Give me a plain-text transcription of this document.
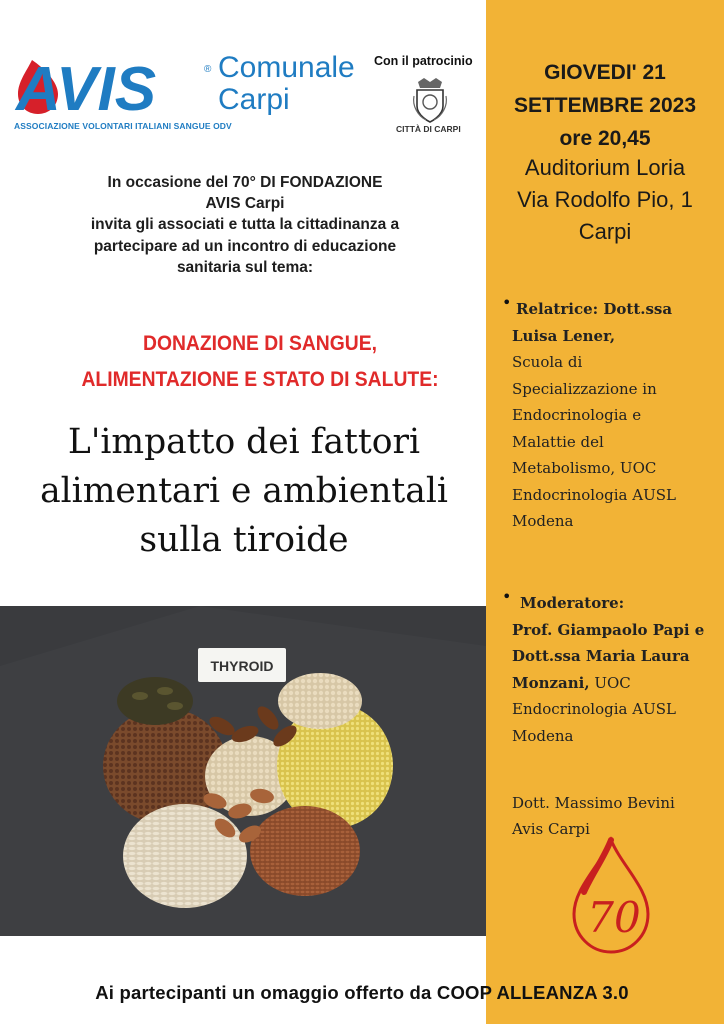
AVIS	® Comunale
Carpi
ASSOCIAZIONE VOLONTARI ITALIANI SANGUE ODV
Con il patrocinio
CITTÀ DI CARPI
In occasione del 70° DI FONDAZIONE
AVIS Carpi
invita gli associati e tutta la cittadinanza a
partecipare ad un incontro di educazione
sanitaria sul tema:
DONAZIONE DI SANGUE,
ALIMENTAZIONE E STATO DI SALUTE:
L'impatto dei fattori
alimentari e ambientali
sulla tiroide
THYROID
GIOVEDI' 21
SETTEMBRE 2023
ore 20,45
Auditorium Loria
Via Rodolfo Pio, 1
Carpi
• Relatrice: Dott.ssa
Luisa Lener,
Scuola di
Specializzazione in
Endocrinologia e
Malattie del
Metabolismo, UOC
Endocrinologia AUSL
Modena
• Moderatore:
Prof. Giampaolo Papi e
Dott.ssa Maria Laura
Monzani, UOC
Endocrinologia AUSL
Modena
Dott. Massimo Bevini
Avis Carpi
70
Ai partecipanti un omaggio offerto da COOP ALLEANZA 3.0
